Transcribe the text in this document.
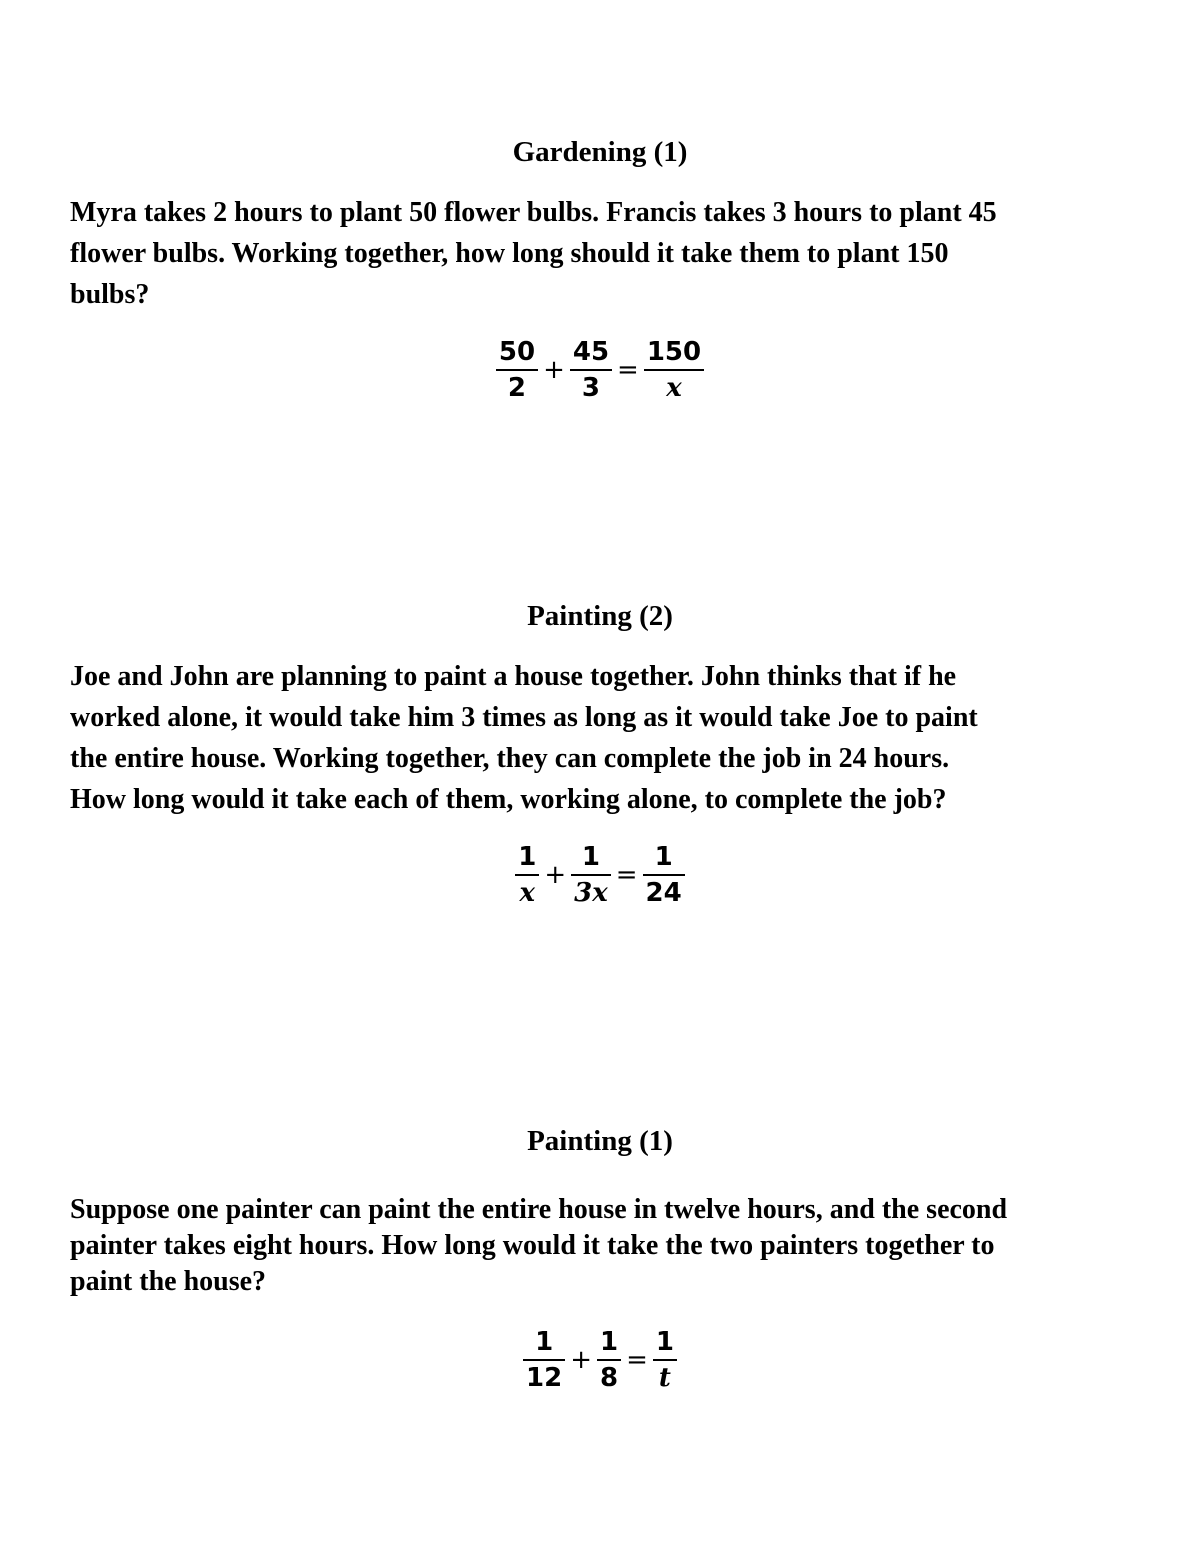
Gardening (1)
Myra takes 2 hours to plant 50 flower bulbs. Francis takes 3 hours to plant 45
flower bulbs. Working together, how long should it take them to plant 150
bulbs?
$\frac{50}{2} + \frac{45}{3} = \frac{150}{x}$
Painting (2)
Joe and John are planning to paint a house together. John thinks that if he
worked alone, it would take him 3 times as long as it would take Joe to paint
the entire house. Working together, they can complete the job in 24 hours.
How long would it take each of them, working alone, to complete the job?
$\frac{1}{x} + \frac{1}{3x} = \frac{1}{24}$
Painting (1)
Suppose one painter can paint the entire house in twelve hours, and the second
painter takes eight hours. How long would it take the two painters together to
paint the house?
$\frac{1}{12} + \frac{1}{8} = \frac{1}{t}$
